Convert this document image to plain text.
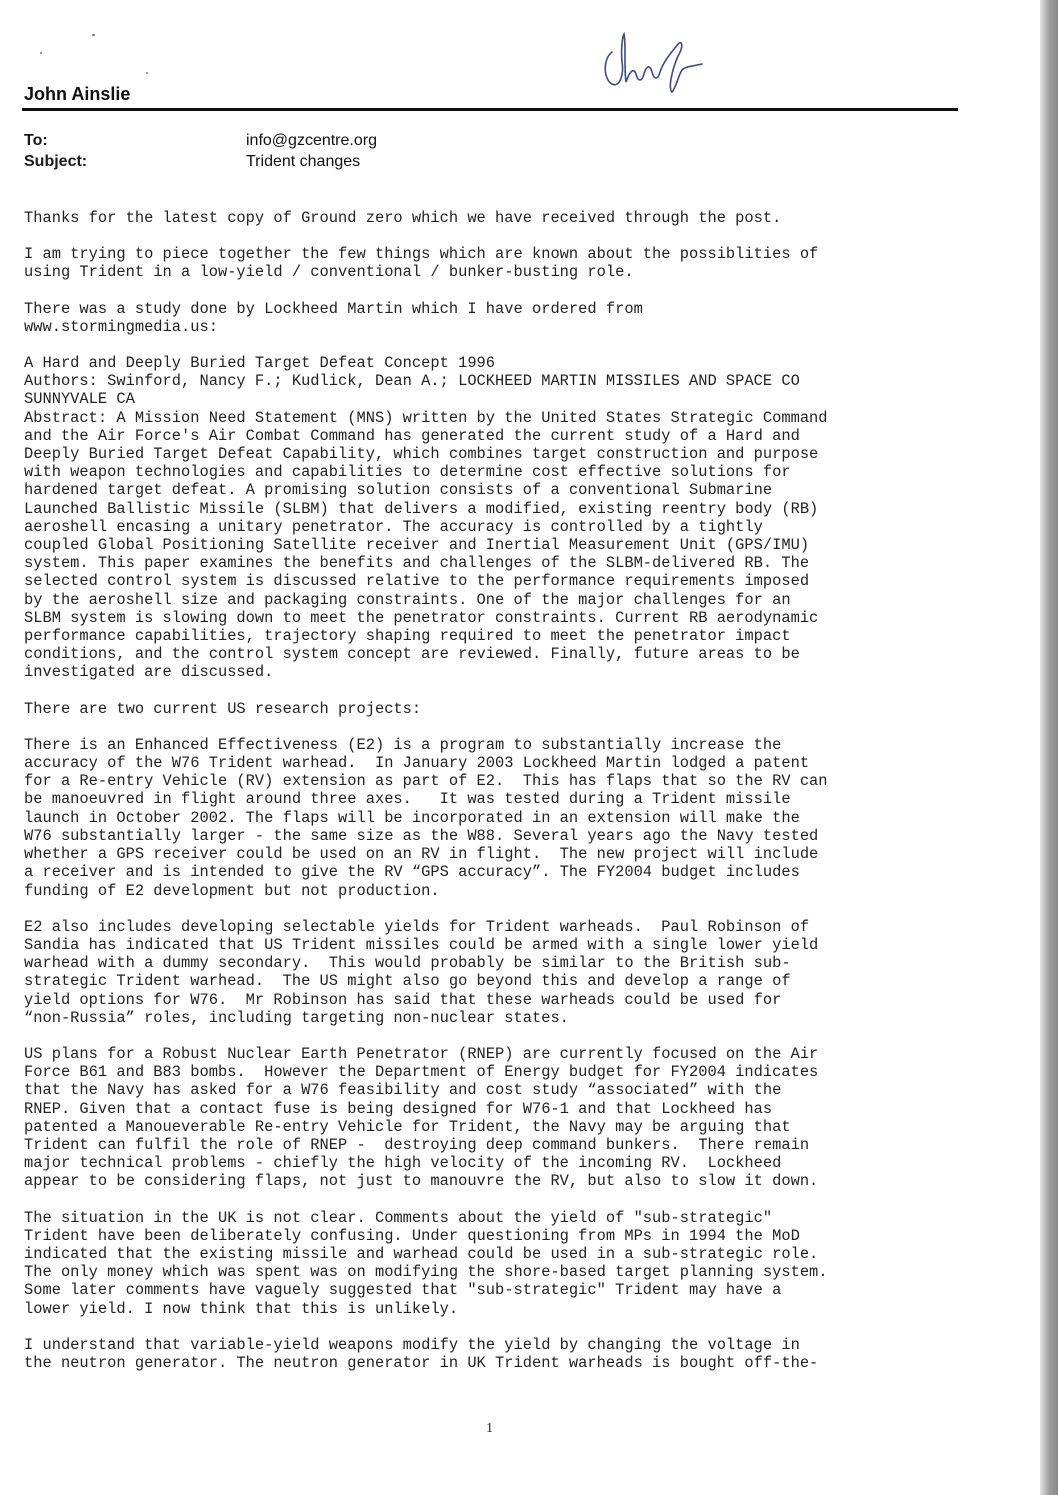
John Ainslie
To:	info@gzcentre.org
Subject:	Trident changes
Thanks for the latest copy of Ground zero which we have received through the post.
I am trying to piece together the few things which are known about the possiblities of
using Trident in a low-yield / conventional / bunker-busting role.
There was a study done by Lockheed Martin which I have ordered from
www.stormingmedia.us:
A Hard and Deeply Buried Target Defeat Concept 1996
Authors: Swinford, Nancy F.; Kudlick, Dean A.; LOCKHEED MARTIN MISSILES AND SPACE CO
SUNNYVALE CA
Abstract: A Mission Need Statement (MNS) written by the United States Strategic Command
and the Air Force's Air Combat Command has generated the current study of a Hard and
Deeply Buried Target Defeat Capability, which combines target construction and purpose
with weapon technologies and capabilities to determine cost effective solutions for
hardened target defeat. A promising solution consists of a conventional Submarine
Launched Ballistic Missile (SLBM) that delivers a modified, existing reentry body (RB)
aeroshell encasing a unitary penetrator. The accuracy is controlled by a tightly
coupled Global Positioning Satellite receiver and Inertial Measurement Unit (GPS/IMU)
system. This paper examines the benefits and challenges of the SLBM-delivered RB. The
selected control system is discussed relative to the performance requirements imposed
by the aeroshell size and packaging constraints. One of the major challenges for an
SLBM system is slowing down to meet the penetrator constraints. Current RB aerodynamic
performance capabilities, trajectory shaping required to meet the penetrator impact
conditions, and the control system concept are reviewed. Finally, future areas to be
investigated are discussed.
There are two current US research projects:
There is an Enhanced Effectiveness (E2) is a program to substantially increase the
accuracy of the W76 Trident warhead.  In January 2003 Lockheed Martin lodged a patent
for a Re-entry Vehicle (RV) extension as part of E2.  This has flaps that so the RV can
be manoeuvred in flight around three axes.   It was tested during a Trident missile
launch in October 2002. The flaps will be incorporated in an extension will make the
W76 substantially larger - the same size as the W88. Several years ago the Navy tested
whether a GPS receiver could be used on an RV in flight.  The new project will include
a receiver and is intended to give the RV “GPS accuracy”. The FY2004 budget includes
funding of E2 development but not production.
E2 also includes developing selectable yields for Trident warheads.  Paul Robinson of
Sandia has indicated that US Trident missiles could be armed with a single lower yield
warhead with a dummy secondary.  This would probably be similar to the British sub-
strategic Trident warhead.  The US might also go beyond this and develop a range of
yield options for W76.  Mr Robinson has said that these warheads could be used for
“non-Russia” roles, including targeting non-nuclear states.
US plans for a Robust Nuclear Earth Penetrator (RNEP) are currently focused on the Air
Force B61 and B83 bombs.  However the Department of Energy budget for FY2004 indicates
that the Navy has asked for a W76 feasibility and cost study “associated” with the
RNEP. Given that a contact fuse is being designed for W76-1 and that Lockheed has
patented a Manoueverable Re-entry Vehicle for Trident, the Navy may be arguing that
Trident can fulfil the role of RNEP -  destroying deep command bunkers.  There remain
major technical problems - chiefly the high velocity of the incoming RV.  Lockheed
appear to be considering flaps, not just to manouvre the RV, but also to slow it down.
The situation in the UK is not clear. Comments about the yield of "sub-strategic"
Trident have been deliberately confusing. Under questioning from MPs in 1994 the MoD
indicated that the existing missile and warhead could be used in a sub-strategic role.
The only money which was spent was on modifying the shore-based target planning system.
Some later comments have vaguely suggested that "sub-strategic" Trident may have a
lower yield. I now think that this is unlikely.
I understand that variable-yield weapons modify the yield by changing the voltage in
the neutron generator. The neutron generator in UK Trident warheads is bought off-the-
1
